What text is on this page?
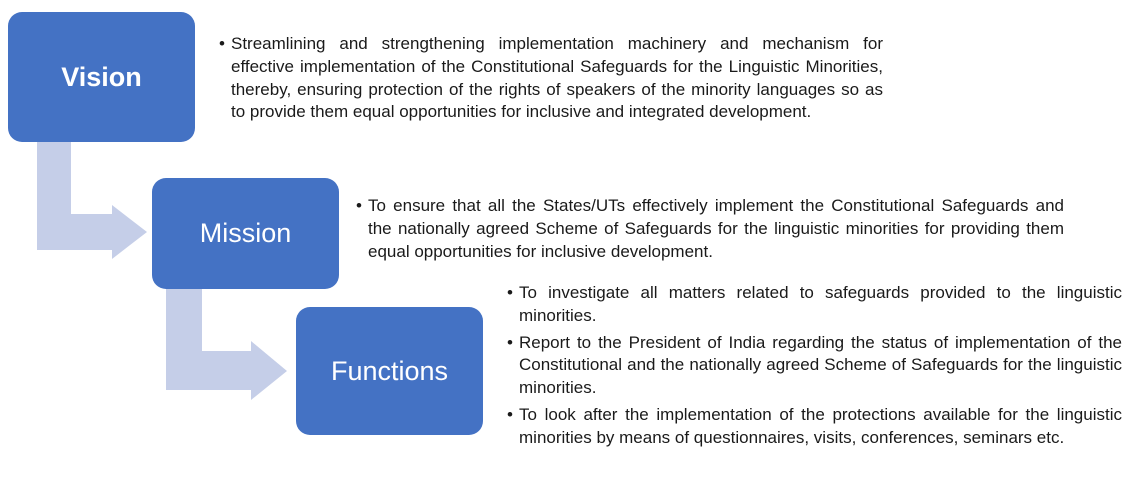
Vision
Mission
Functions

• Streamlining and strengthening implementation machinery and mechanism for effective implementation of the Constitutional Safeguards for the Linguistic Minorities, thereby, ensuring protection of the rights of speakers of the minority languages so as to provide them equal opportunities for inclusive and integrated development.

• To ensure that all the States/UTs effectively implement the Constitutional Safeguards and the nationally agreed Scheme of Safeguards for the linguistic minorities for providing them equal opportunities for inclusive development.

• To investigate all matters related to safeguards provided to the linguistic minorities.

• Report to the President of India regarding the status of implementation of the Constitutional and the nationally agreed Scheme of Safeguards for the linguistic minorities.

• To look after the implementation of the protections available for the linguistic minorities by means of questionnaires, visits, conferences, seminars etc.
